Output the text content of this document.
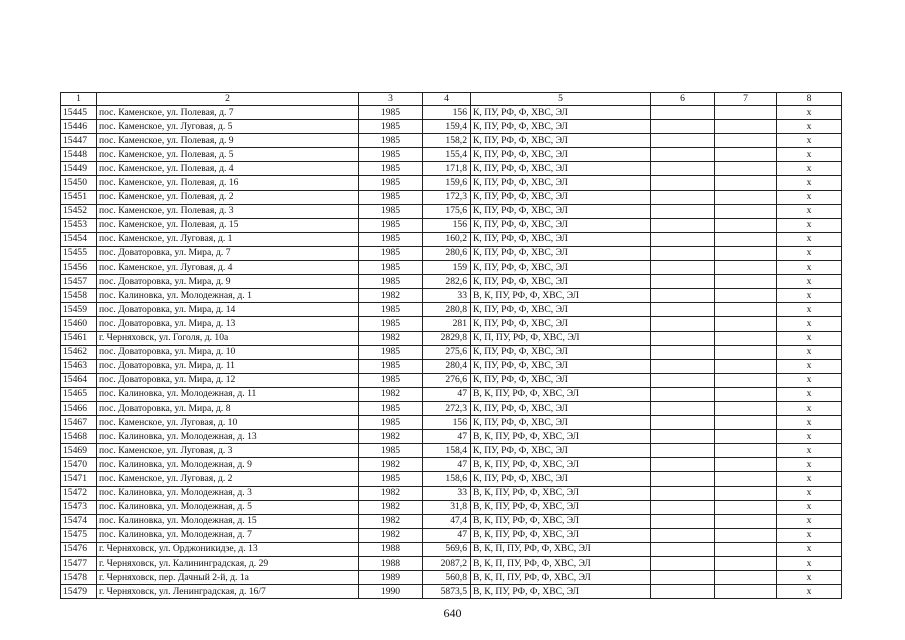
1	2	3	4	5	6	7	8
15445	пос. Каменское, ул. Полевая, д. 7	1985	156	К, ПУ, РФ, Ф, ХВС, ЭЛ			х
15446	пос. Каменское, ул. Луговая, д. 5	1985	159,4	К, ПУ, РФ, Ф, ХВС, ЭЛ			х
15447	пос. Каменское, ул. Полевая, д. 9	1985	158,2	К, ПУ, РФ, Ф, ХВС, ЭЛ			х
15448	пос. Каменское, ул. Полевая, д. 5	1985	155,4	К, ПУ, РФ, Ф, ХВС, ЭЛ			х
15449	пос. Каменское, ул. Полевая, д. 4	1985	171,8	К, ПУ, РФ, Ф, ХВС, ЭЛ			х
15450	пос. Каменское, ул. Полевая, д. 16	1985	159,6	К, ПУ, РФ, Ф, ХВС, ЭЛ			х
15451	пос. Каменское, ул. Полевая, д. 2	1985	172,3	К, ПУ, РФ, Ф, ХВС, ЭЛ			х
15452	пос. Каменское, ул. Полевая, д. 3	1985	175,6	К, ПУ, РФ, Ф, ХВС, ЭЛ			х
15453	пос. Каменское, ул. Полевая, д. 15	1985	156	К, ПУ, РФ, Ф, ХВС, ЭЛ			х
15454	пос. Каменское, ул. Луговая, д. 1	1985	160,2	К, ПУ, РФ, Ф, ХВС, ЭЛ			х
15455	пос. Доваторовка, ул. Мира, д. 7	1985	280,6	К, ПУ, РФ, Ф, ХВС, ЭЛ			х
15456	пос. Каменское, ул. Луговая, д. 4	1985	159	К, ПУ, РФ, Ф, ХВС, ЭЛ			х
15457	пос. Доваторовка, ул. Мира, д. 9	1985	282,6	К, ПУ, РФ, Ф, ХВС, ЭЛ			х
15458	пос. Калиновка, ул. Молодежная, д. 1	1982	33	В, К, ПУ, РФ, Ф, ХВС, ЭЛ			х
15459	пос. Доваторовка, ул. Мира, д. 14	1985	280,8	К, ПУ, РФ, Ф, ХВС, ЭЛ			х
15460	пос. Доваторовка, ул. Мира, д. 13	1985	281	К, ПУ, РФ, Ф, ХВС, ЭЛ			х
15461	г. Черняховск, ул. Гоголя, д. 10а	1982	2829,8	К, П, ПУ, РФ, Ф, ХВС, ЭЛ			х
15462	пос. Доваторовка, ул. Мира, д. 10	1985	275,6	К, ПУ, РФ, Ф, ХВС, ЭЛ			х
15463	пос. Доваторовка, ул. Мира, д. 11	1985	280,4	К, ПУ, РФ, Ф, ХВС, ЭЛ			х
15464	пос. Доваторовка, ул. Мира, д. 12	1985	276,6	К, ПУ, РФ, Ф, ХВС, ЭЛ			х
15465	пос. Калиновка, ул. Молодежная, д. 11	1982	47	В, К, ПУ, РФ, Ф, ХВС, ЭЛ			х
15466	пос. Доваторовка, ул. Мира, д. 8	1985	272,3	К, ПУ, РФ, Ф, ХВС, ЭЛ			х
15467	пос. Каменское, ул. Луговая, д. 10	1985	156	К, ПУ, РФ, Ф, ХВС, ЭЛ			х
15468	пос. Калиновка, ул. Молодежная, д. 13	1982	47	В, К, ПУ, РФ, Ф, ХВС, ЭЛ			х
15469	пос. Каменское, ул. Луговая, д. 3	1985	158,4	К, ПУ, РФ, Ф, ХВС, ЭЛ			х
15470	пос. Калиновка, ул. Молодежная, д. 9	1982	47	В, К, ПУ, РФ, Ф, ХВС, ЭЛ			х
15471	пос. Каменское, ул. Луговая, д. 2	1985	158,6	К, ПУ, РФ, Ф, ХВС, ЭЛ			х
15472	пос. Калиновка, ул. Молодежная, д. 3	1982	33	В, К, ПУ, РФ, Ф, ХВС, ЭЛ			х
15473	пос. Калиновка, ул. Молодежная, д. 5	1982	31,8	В, К, ПУ, РФ, Ф, ХВС, ЭЛ			х
15474	пос. Калиновка, ул. Молодежная, д. 15	1982	47,4	В, К, ПУ, РФ, Ф, ХВС, ЭЛ			х
15475	пос. Калиновка, ул. Молодежная, д. 7	1982	47	В, К, ПУ, РФ, Ф, ХВС, ЭЛ			х
15476	г. Черняховск, ул. Орджоникидзе, д. 13	1988	569,6	В, К, П, ПУ, РФ, Ф, ХВС, ЭЛ			х
15477	г. Черняховск, ул. Калининградская, д. 29	1988	2087,2	В, К, П, ПУ, РФ, Ф, ХВС, ЭЛ			х
15478	г. Черняховск, пер. Дачный 2-й, д. 1а	1989	560,8	В, К, П, ПУ, РФ, Ф, ХВС, ЭЛ			х
15479	г. Черняховск, ул. Ленинградская, д. 16/7	1990	5873,5	В, К, ПУ, РФ, Ф, ХВС, ЭЛ			х
640
